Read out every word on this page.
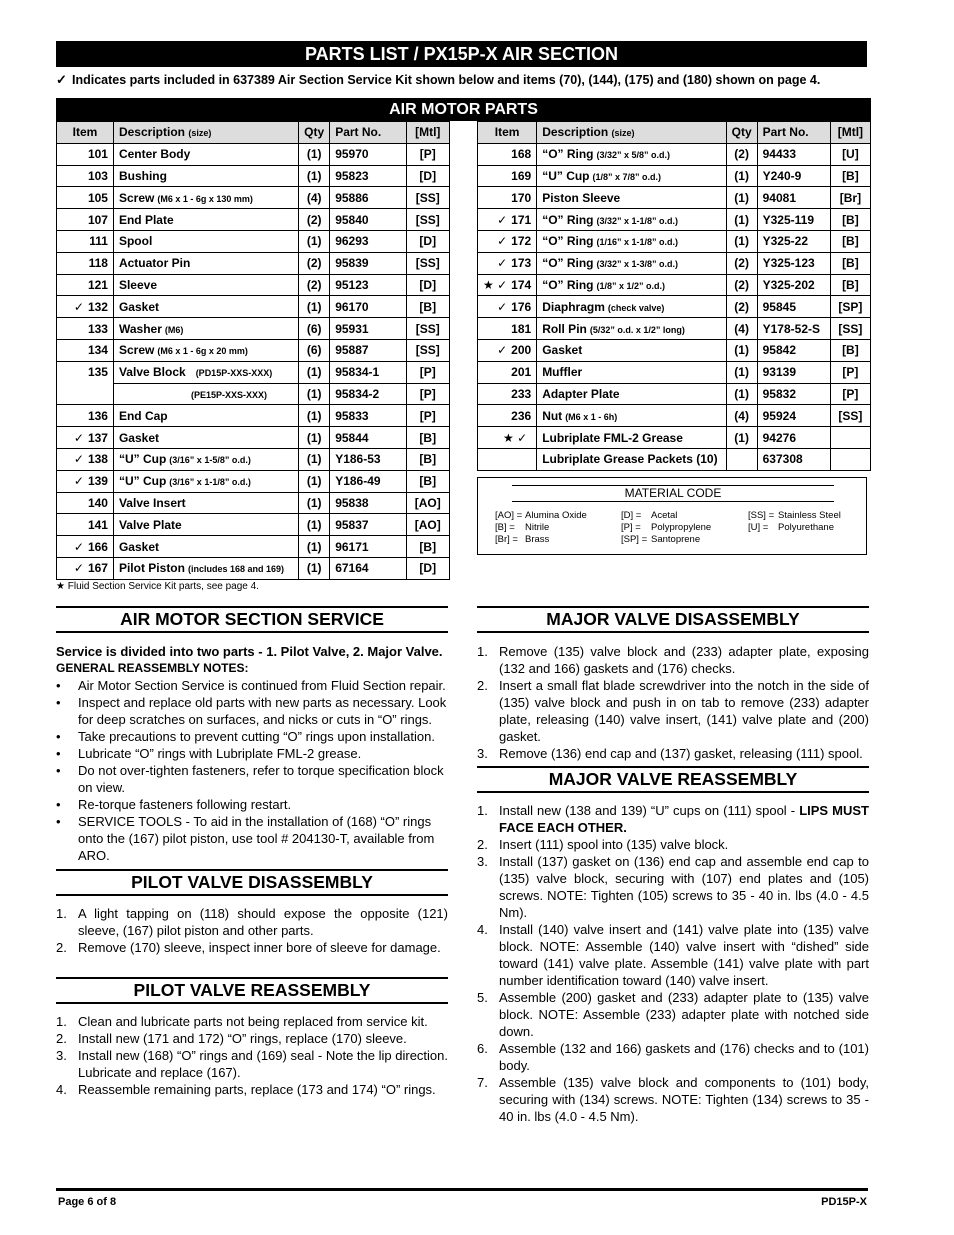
PARTS LIST / PX15P-X AIR SECTION
✓ Indicates parts included in 637389 Air Section Service Kit shown below and items (70), (144), (175) and (180) shown on page 4.
AIR MOTOR PARTS
Item	Description (size)	Qty	Part No.	[Mtl]
101	Center Body	(1)	95970	[P]
103	Bushing	(1)	95823	[D]
105	Screw (M6 x 1 - 6g x 130 mm)	(4)	95886	[SS]
107	End Plate	(2)	95840	[SS]
111	Spool	(1)	96293	[D]
118	Actuator Pin	(2)	95839	[SS]
121	Sleeve	(2)	95123	[D]
✓ 132	Gasket	(1)	96170	[B]
133	Washer (M6)	(6)	95931	[SS]
134	Screw (M6 x 1 - 6g x 20 mm)	(6)	95887	[SS]
135	Valve Block (PD15P-XXS-XXX)	(1)	95834-1	[P]
	(PE15P-XXS-XXX)	(1)	95834-2	[P]
136	End Cap	(1)	95833	[P]
✓ 137	Gasket	(1)	95844	[B]
✓ 138	“U” Cup (3/16” x 1-5/8” o.d.)	(1)	Y186-53	[B]
✓ 139	“U” Cup (3/16” x 1-1/8” o.d.)	(1)	Y186-49	[B]
140	Valve Insert	(1)	95838	[AO]
141	Valve Plate	(1)	95837	[AO]
✓ 166	Gasket	(1)	96171	[B]
✓ 167	Pilot Piston (includes 168 and 169)	(1)	67164	[D]
Item	Description (size)	Qty	Part No.	[Mtl]
168	“O” Ring (3/32” x 5/8” o.d.)	(2)	94433	[U]
169	“U” Cup (1/8” x 7/8” o.d.)	(1)	Y240-9	[B]
170	Piston Sleeve	(1)	94081	[Br]
✓ 171	“O” Ring (3/32” x 1-1/8” o.d.)	(1)	Y325-119	[B]
✓ 172	“O” Ring (1/16” x 1-1/8” o.d.)	(1)	Y325-22	[B]
✓ 173	“O” Ring (3/32” x 1-3/8” o.d.)	(2)	Y325-123	[B]
★ ✓ 174	“O” Ring (1/8” x 1/2” o.d.)	(2)	Y325-202	[B]
✓ 176	Diaphragm (check valve)	(2)	95845	[SP]
181	Roll Pin (5/32” o.d. x 1/2” long)	(4)	Y178-52-S	[SS]
✓ 200	Gasket	(1)	95842	[B]
201	Muffler	(1)	93139	[P]
233	Adapter Plate	(1)	95832	[P]
236	Nut (M6 x 1 - 6h)	(4)	95924	[SS]
★ ✓	Lubriplate FML-2 Grease	(1)	94276	
	Lubriplate Grease Packets (10)		637308	
MATERIAL CODE
[AO] = Alumina Oxide
[B] = Nitrile
[Br] = Brass
[D] = Acetal
[P] = Polypropylene
[SP] = Santoprene
[SS] = Stainless Steel
[U] = Polyurethane
★ Fluid Section Service Kit parts, see page 4.
AIR MOTOR SECTION SERVICE
Service is divided into two parts - 1. Pilot Valve, 2. Major Valve.
GENERAL REASSEMBLY NOTES:
• Air Motor Section Service is continued from Fluid Section repair.
• Inspect and replace old parts with new parts as necessary. Look for deep scratches on surfaces, and nicks or cuts in “O” rings.
• Take precautions to prevent cutting “O” rings upon installation.
• Lubricate “O” rings with Lubriplate FML-2 grease.
• Do not over-tighten fasteners, refer to torque specification block on view.
• Re-torque fasteners following restart.
• SERVICE TOOLS - To aid in the installation of (168) “O” rings onto the (167) pilot piston, use tool # 204130-T, available from ARO.
PILOT VALVE DISASSEMBLY
1. A light tapping on (118) should expose the opposite (121) sleeve, (167) pilot piston and other parts.
2. Remove (170) sleeve, inspect inner bore of sleeve for damage.
PILOT VALVE REASSEMBLY
1. Clean and lubricate parts not being replaced from service kit.
2. Install new (171 and 172) “O” rings, replace (170) sleeve.
3. Install new (168) “O” rings and (169) seal - Note the lip direction. Lubricate and replace (167).
4. Reassemble remaining parts, replace (173 and 174) “O” rings.
MAJOR VALVE DISASSEMBLY
1. Remove (135) valve block and (233) adapter plate, exposing (132 and 166) gaskets and (176) checks.
2. Insert a small flat blade screwdriver into the notch in the side of (135) valve block and push in on tab to remove (233) adapter plate, releasing (140) valve insert, (141) valve plate and (200) gasket.
3. Remove (136) end cap and (137) gasket, releasing (111) spool.
MAJOR VALVE REASSEMBLY
1. Install new (138 and 139) “U” cups on (111) spool - LIPS MUST FACE EACH OTHER.
2. Insert (111) spool into (135) valve block.
3. Install (137) gasket on (136) end cap and assemble end cap to (135) valve block, securing with (107) end plates and (105) screws. NOTE: Tighten (105) screws to 35 - 40 in. lbs (4.0 - 4.5 Nm).
4. Install (140) valve insert and (141) valve plate into (135) valve block. NOTE: Assemble (140) valve insert with “dished” side toward (141) valve plate. Assemble (141) valve plate with part number identification toward (140) valve insert.
5. Assemble (200) gasket and (233) adapter plate to (135) valve block. NOTE: Assemble (233) adapter plate with notched side down.
6. Assemble (132 and 166) gaskets and (176) checks and to (101) body.
7. Assemble (135) valve block and components to (101) body, securing with (134) screws. NOTE: Tighten (134) screws to 35 - 40 in. lbs (4.0 - 4.5 Nm).
Page 6 of 8	PD15P-X
